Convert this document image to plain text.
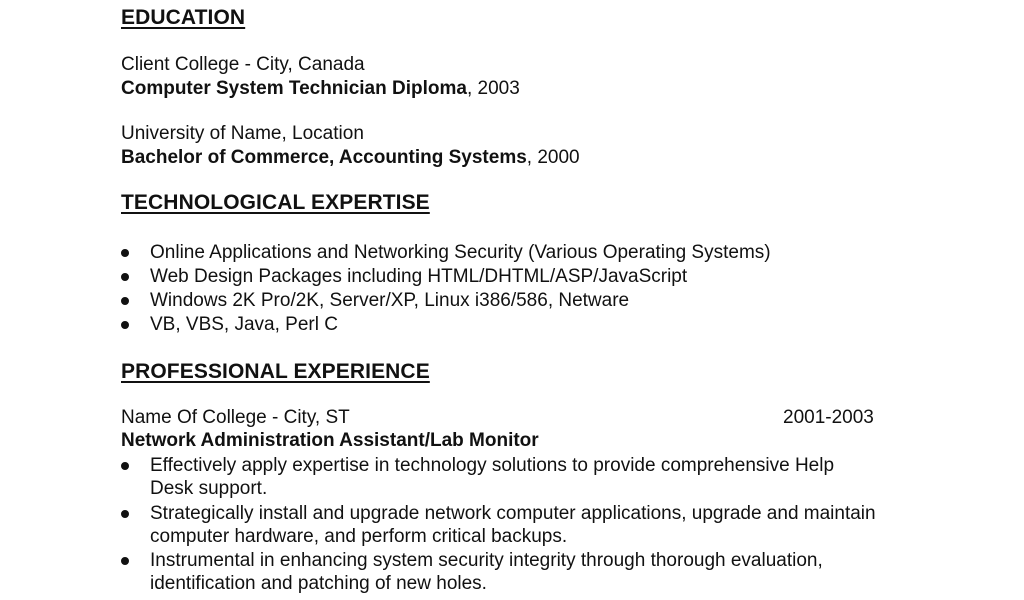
EDUCATION
Client College - City, Canada
Computer System Technician Diploma, 2003
University of Name, Location
Bachelor of Commerce, Accounting Systems, 2000
TECHNOLOGICAL EXPERTISE
Online Applications and Networking Security (Various Operating Systems)
Web Design Packages including HTML/DHTML/ASP/JavaScript
Windows 2K Pro/2K, Server/XP, Linux i386/586, Netware
VB, VBS, Java, Perl C
PROFESSIONAL EXPERIENCE
Name Of College - City, ST	2001-2003
Network Administration Assistant/Lab Monitor
Effectively apply expertise in technology solutions to provide comprehensive Help Desk support.
Strategically install and upgrade network computer applications, upgrade and maintain computer hardware, and perform critical backups.
Instrumental in enhancing system security integrity through thorough evaluation, identification and patching of new holes.
